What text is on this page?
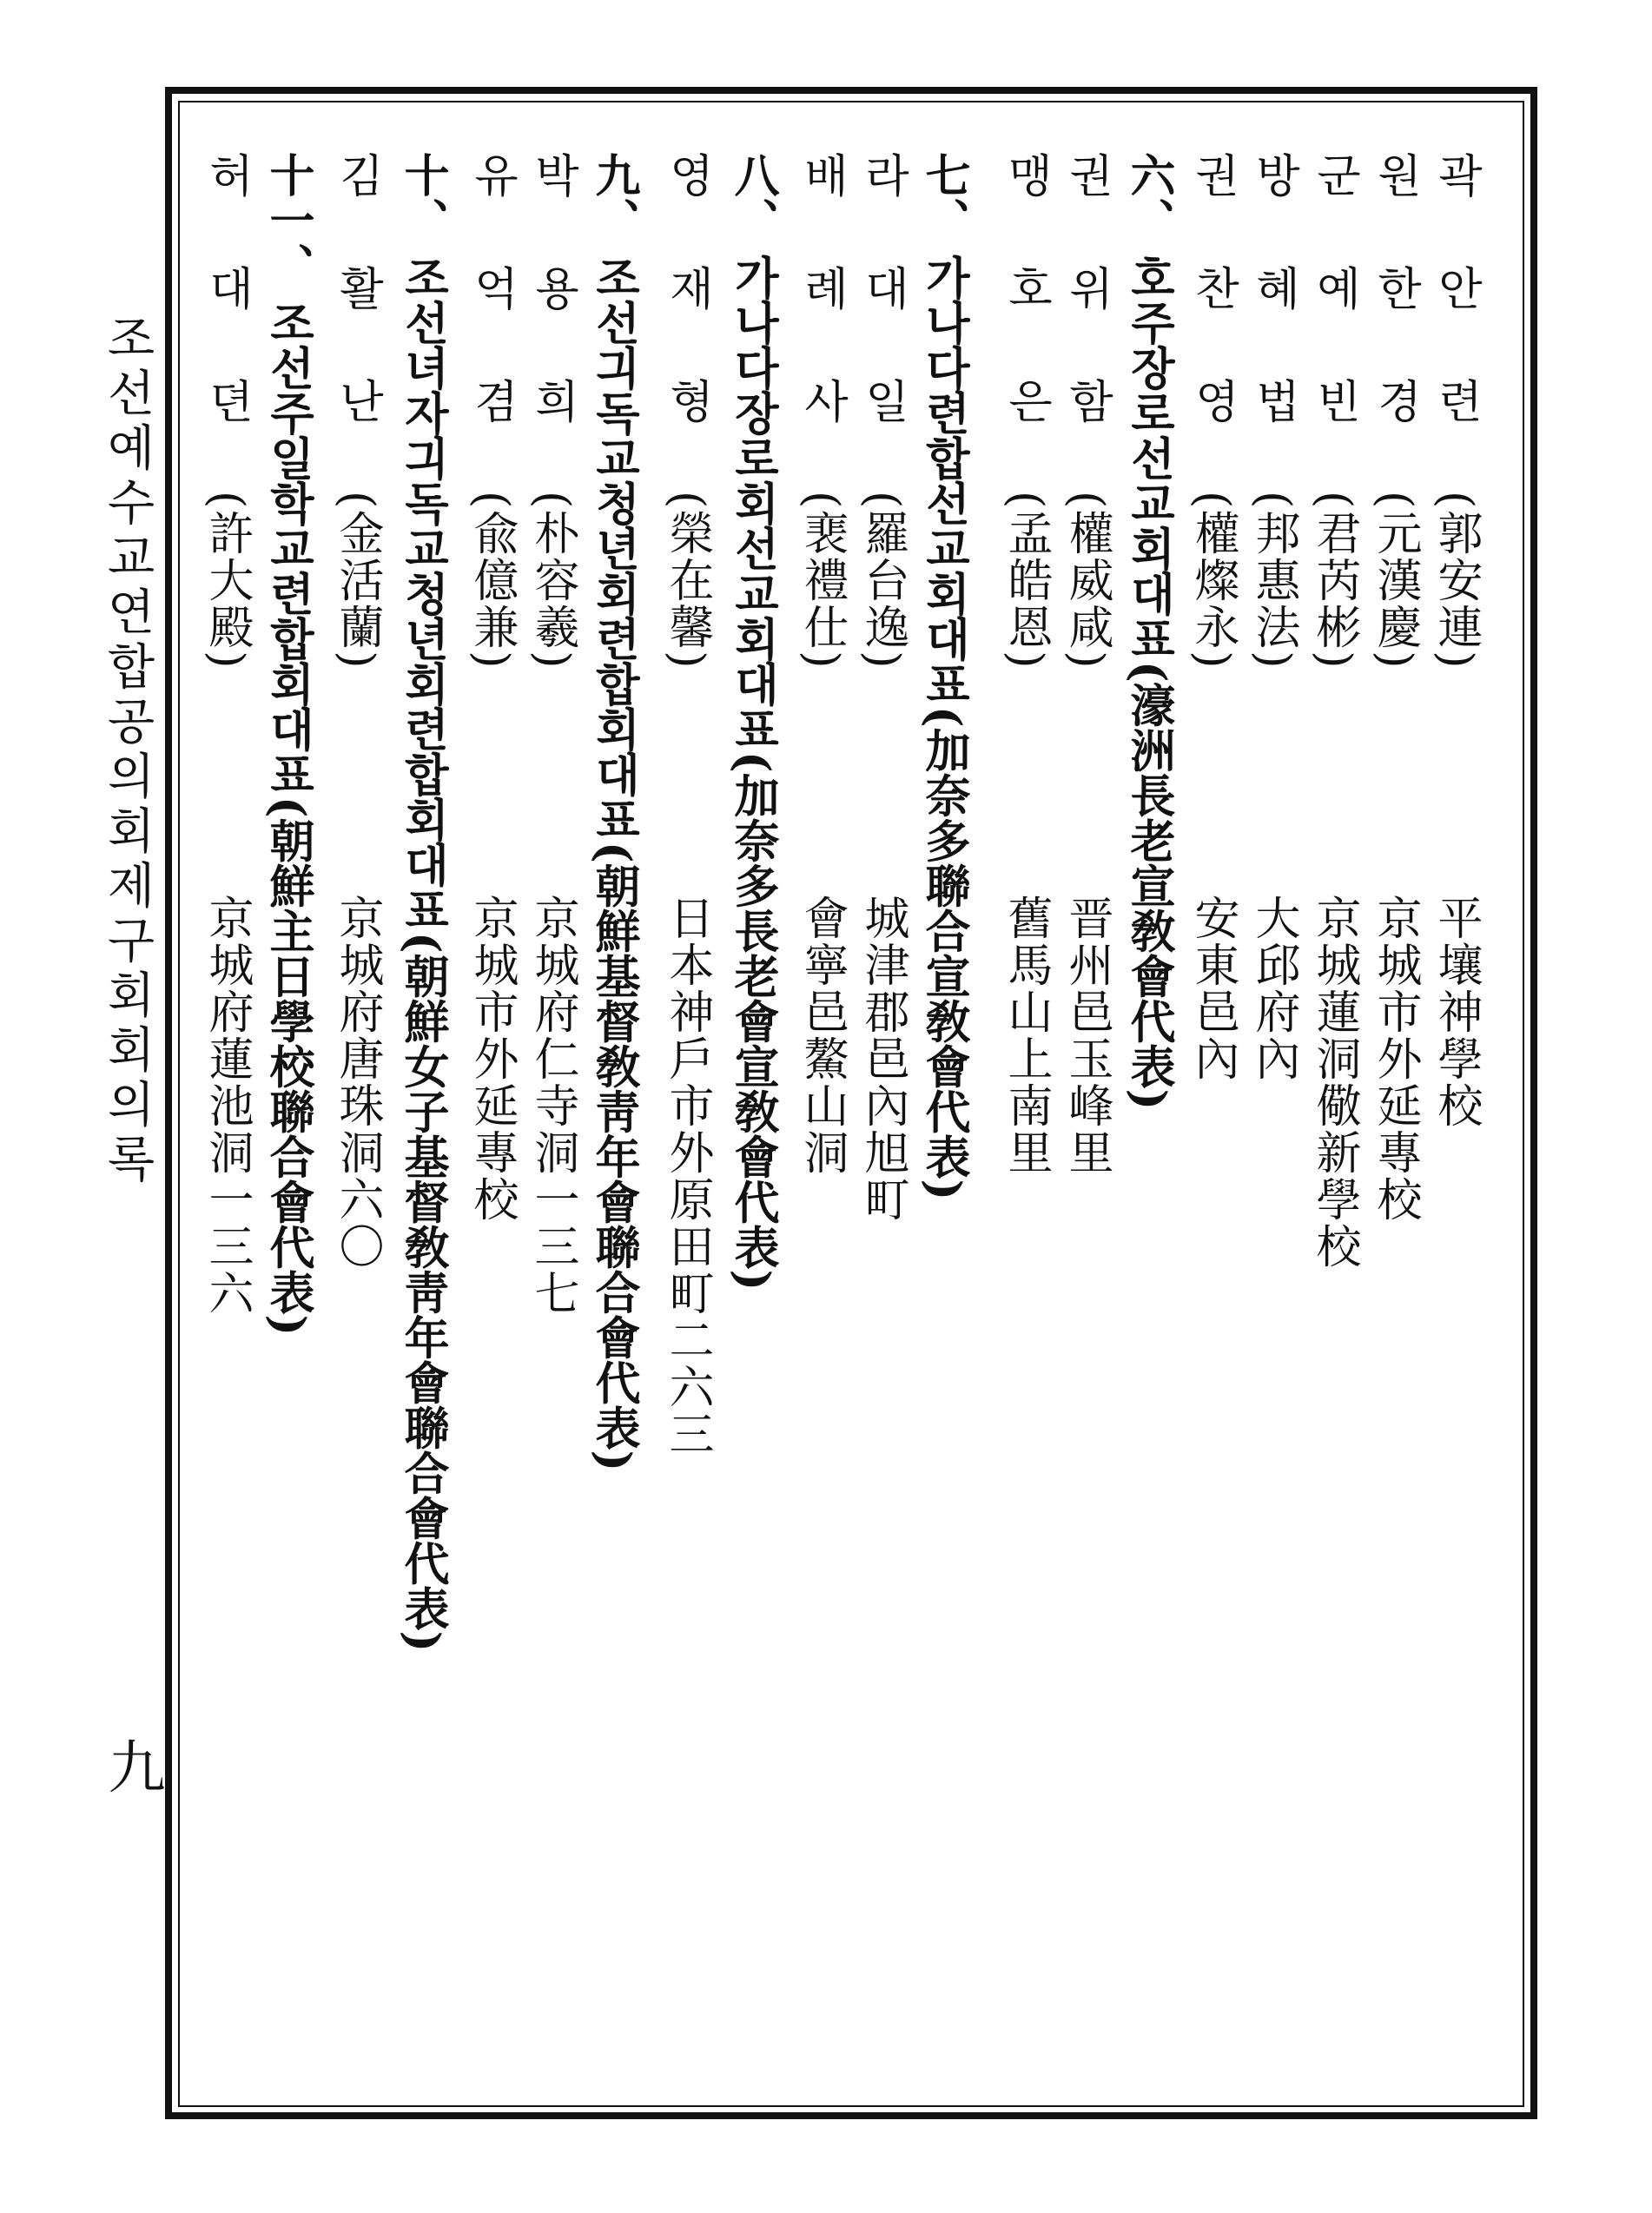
조선예수교연합공의회제구회회의록
九
六、호주장로선교회대표(濠洲長老宣敎會代表)	곽안련(郭安連)
平壤神學校
원한경(元漢慶)
京城市外延專校
군예빈(君芮彬)
京城蓮洞儆新學校
방혜법(邦惠法)
大邱府內
권찬영(權燦永)
安東邑內
七、가나다련합선교회대표(加奈多聯合宣敎會代表) 권위함(權威咸)
晋州邑玉峰里
맹호은(孟皓恩)
舊馬山上南里
라대일(羅台逸)
城津郡邑內旭町
배례사(裵禮仕)
會寧邑鰲山洞
八、가나다장로회선교회대표(加奈多長老會宣敎會代表)
영재형(榮在馨)
日本神戶市外原田町二六三
九、조선긔독교청년회련합회대표(朝鮮基督敎靑年會聯合會代表)
박용희(朴容羲)
京城府仁寺洞一三七
유억겸(兪億兼)
京城市外延專校
十、조선녀자긔독교청년회련합회대표(朝鮮女子基督敎靑年會聯合會代表)
김활난(金活蘭)
京城府唐珠洞六〇
十一、조선주일학교련합회대표(朝鮮主日學校聯合會代表)
허대뎐(許大殿)
京城府蓮池洞一三六
